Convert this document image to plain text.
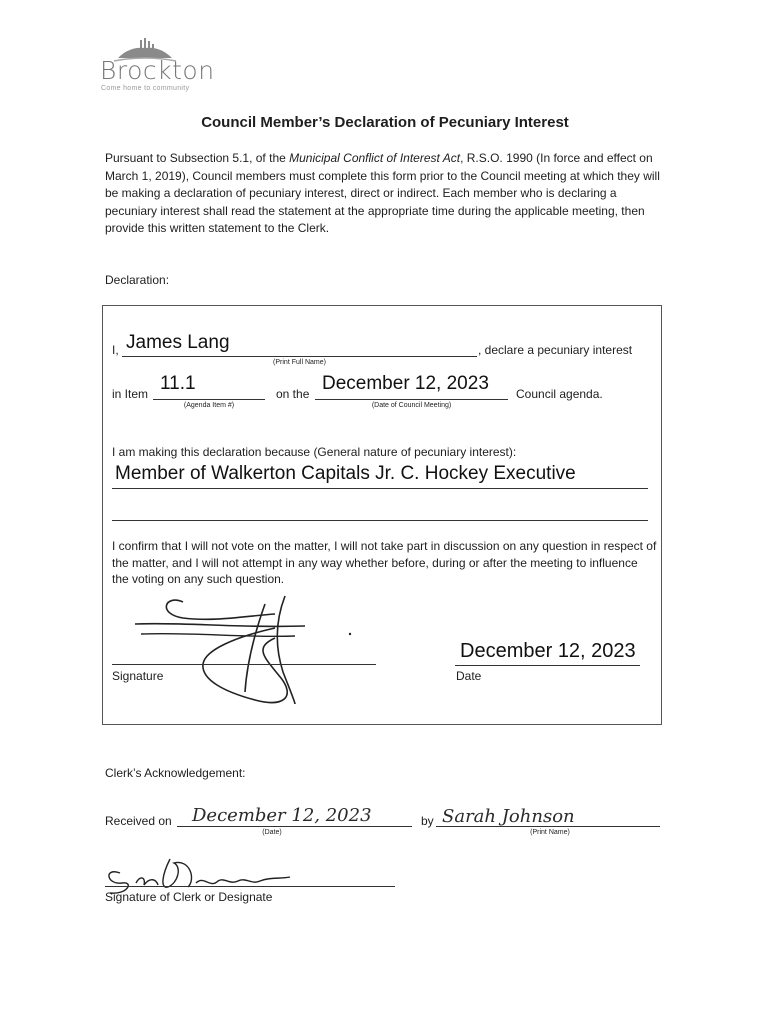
Brockton
Come home to community
Council Member’s Declaration of Pecuniary Interest
Pursuant to Subsection 5.1, of the Municipal Conflict of Interest Act, R.S.O. 1990 (In force and effect on March 1, 2019), Council members must complete this form prior to the Council meeting at which they will be making a declaration of pecuniary interest, direct or indirect. Each member who is declaring a pecuniary interest shall read the statement at the appropriate time during the applicable meeting, then provide this written statement to the Clerk.
Declaration:
I, James Lang
(Print Full Name)
, declare a pecuniary interest
in Item 11.1
(Agenda Item #)
on the December 12, 2023
(Date of Council Meeting)
Council agenda.
I am making this declaration because (General nature of pecuniary interest):
Member of Walkerton Capitals Jr. C. Hockey Executive
I confirm that I will not vote on the matter, I will not take part in discussion on any question in respect of the matter, and I will not attempt in any way whether before, during or after the meeting to influence the voting on any such question.
Signature
December 12, 2023
Date
Clerk’s Acknowledgement:
Received on December 12, 2023
(Date)
by Sarah Johnson
(Print Name)
Signature of Clerk or Designate
